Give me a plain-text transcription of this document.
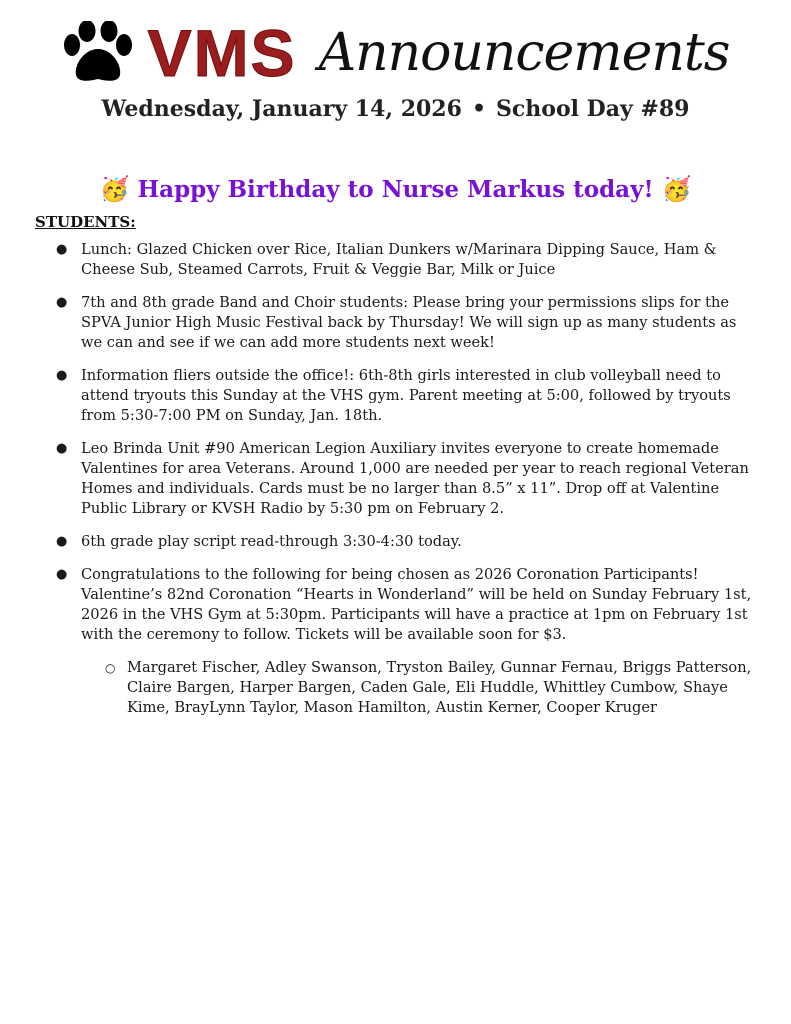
VMS Announcements
Wednesday, January 14, 2026 • School Day #89
🥳 Happy Birthday to Nurse Markus today! 🥳
STUDENTS:
● Lunch: Glazed Chicken over Rice, Italian Dunkers w/Marinara Dipping Sauce, Ham & Cheese Sub, Steamed Carrots, Fruit & Veggie Bar, Milk or Juice
● 7th and 8th grade Band and Choir students: Please bring your permissions slips for the SPVA Junior High Music Festival back by Thursday! We will sign up as many students as we can and see if we can add more students next week!
● Information fliers outside the office!: 6th-8th girls interested in club volleyball need to attend tryouts this Sunday at the VHS gym. Parent meeting at 5:00, followed by tryouts from 5:30-7:00 PM on Sunday, Jan. 18th.
● Leo Brinda Unit #90 American Legion Auxiliary invites everyone to create homemade Valentines for area Veterans. Around 1,000 are needed per year to reach regional Veteran Homes and individuals. Cards must be no larger than 8.5” x 11”. Drop off at Valentine Public Library or KVSH Radio by 5:30 pm on February 2.
● 6th grade play script read-through 3:30-4:30 today.
● Congratulations to the following for being chosen as 2026 Coronation Participants! Valentine’s 82nd Coronation “Hearts in Wonderland” will be held on Sunday February 1st, 2026 in the VHS Gym at 5:30pm. Participants will have a practice at 1pm on February 1st with the ceremony to follow. Tickets will be available soon for $3.
○ Margaret Fischer, Adley Swanson, Tryston Bailey, Gunnar Fernau, Briggs Patterson, Claire Bargen, Harper Bargen, Caden Gale, Eli Huddle, Whittley Cumbow, Shaye Kime, BrayLynn Taylor, Mason Hamilton, Austin Kerner, Cooper Kruger
